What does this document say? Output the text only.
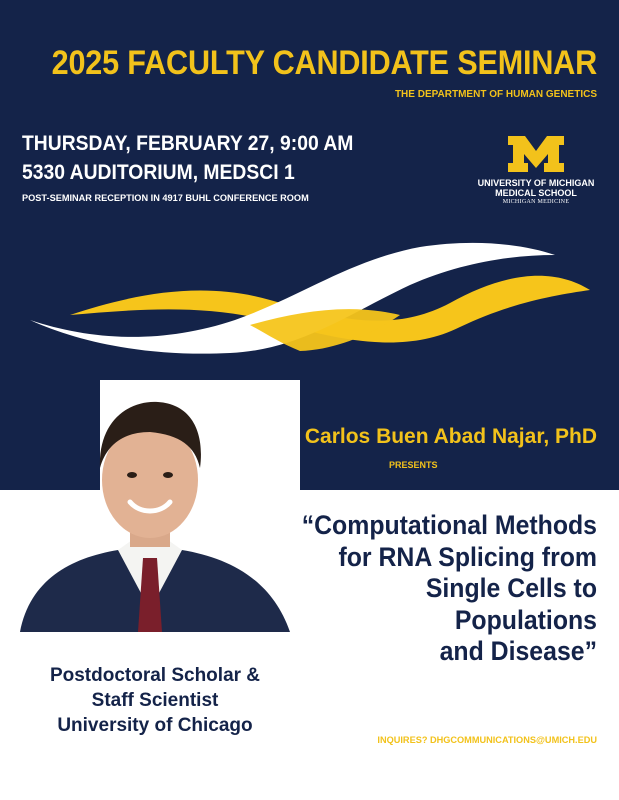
2025 FACULTY CANDIDATE SEMINAR
THE DEPARTMENT OF HUMAN GENETICS
THURSDAY, FEBRUARY 27, 9:00 AM
5330 AUDITORIUM, MEDSCI 1
POST-SEMINAR RECEPTION IN 4917 BUHL CONFERENCE ROOM
UNIVERSITY OF MICHIGAN
MEDICAL SCHOOL
MICHIGAN MEDICINE
Carlos Buen Abad Najar, PhD
PRESENTS
“Computational Methods
for RNA Splicing from
Single Cells to
Populations
and Disease”
Postdoctoral Scholar &
Staff Scientist
University of Chicago
INQUIRES? DHGCOMMUNICATIONS@UMICH.EDU
